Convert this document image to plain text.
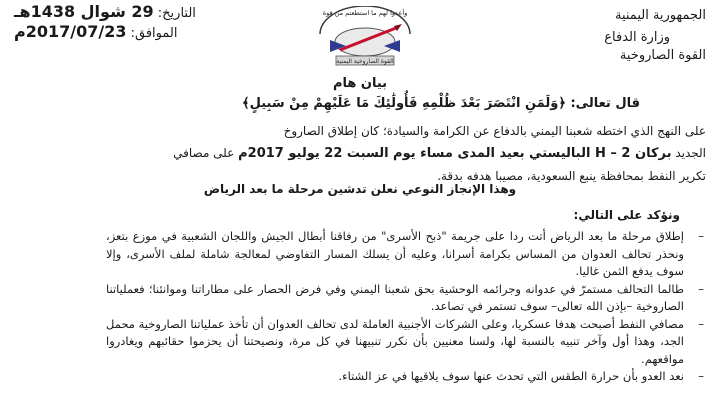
التاريخ: 29 شوال 1438هـ
الموافق: 2017/07/23م
الجمهورية اليمنية
وزارة الدفاع
القوة الصاروخية
وأعدوا لهم ما استطعتم من قوة
القوة الصاروخية اليمنية
بيان هام
قال تعالى: ﴿وَلَمَنِ انْتَصَرَ بَعْدَ ظُلْمِهِ فَأُولَٰئِكَ مَا عَلَيْهِمْ مِنْ سَبِيلٍ﴾
على النهج الذي اختطه شعبنا اليمني بالدفاع عن الكرامة والسيادة؛ كان إطلاق الصاروخ
الجديد بركان 2 – H الباليستي بعيد المدى مساء يوم السبت 22 يوليو 2017م على مصافي
تكرير النفط بمحافظة ينبع السعودية، مصيبا هدفه بدقة.
وهذا الإنجاز النوعي نعلن تدشين مرحلة ما بعد الرياض
ونؤكد على التالي:
– إطلاق مرحلة ما بعد الرياض أتت ردا على جريمة "ذبح الأسرى" من رفاقنا أبطال الجيش واللجان الشعبية في موزع بتعز، ونحذر تحالف العدوان من المساس بكرامة أسرانا، وعليه أن يسلك المسار التفاوضي لمعالجة شاملة لملف الأسرى، وإلا سوف يدفع الثمن غاليا.
– طالما التحالف مستمرّ في عدوانه وجرائمه الوحشية بحق شعبنا اليمني وفي فرض الحصار على مطاراتنا وموانئنا؛ فعملياتنا الصاروخية –بإذن الله تعالى– سوف تستمر في تصاعد.
– مصافي النفط أصبحت هدفا عسكريا، وعلى الشركات الأجنبية العاملة لدى تحالف العدوان أن تأخذ عملياتنا الصاروخية محمل الجد، وهذا أول وآخر تنبيه بالنسبة لها، ولسنا معنيين بأن نكرر تنبيهنا في كل مرة، ونصيحتنا أن يحزموا حقائبهم ويغادروا مواقعهم.
– نعد العدو بأن حرارة الطقس التي تحدث عنها سوف يلاقيها في عز الشتاء.
